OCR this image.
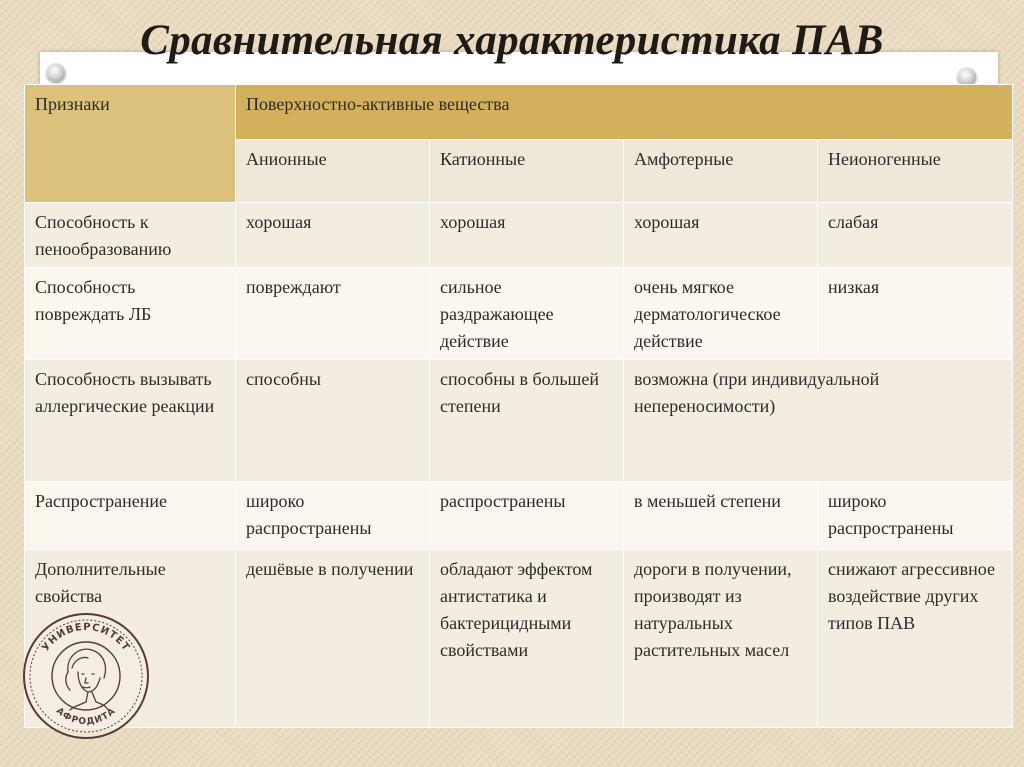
Сравнительная характеристика ПАВ
Признаки	Поверхностно-активные вещества			
	Анионные	Катионные	Амфотерные	Неионогенные
Способность к пенообразованию	хорошая	хорошая	хорошая	слабая
Способность повреждать ЛБ	повреждают	сильное раздражающее действие	очень мягкое дерматологическое действие	низкая
Способность вызывать аллергические реакции	способны	способны в большей степени	возможна (при индивидуальной непереносимости)	
Распространение	широко распространены	распространены	в меньшей степени	широко распространены
Дополнительные свойства	дешёвые в получении	обладают эффектом антистатика и бактерицидными свойствами	дороги в получении, производят из натуральных растительных масел	снижают агрессивное воздействие других типов ПАВ
УНИВЕРСИТЕТ
АФРОДИТА
